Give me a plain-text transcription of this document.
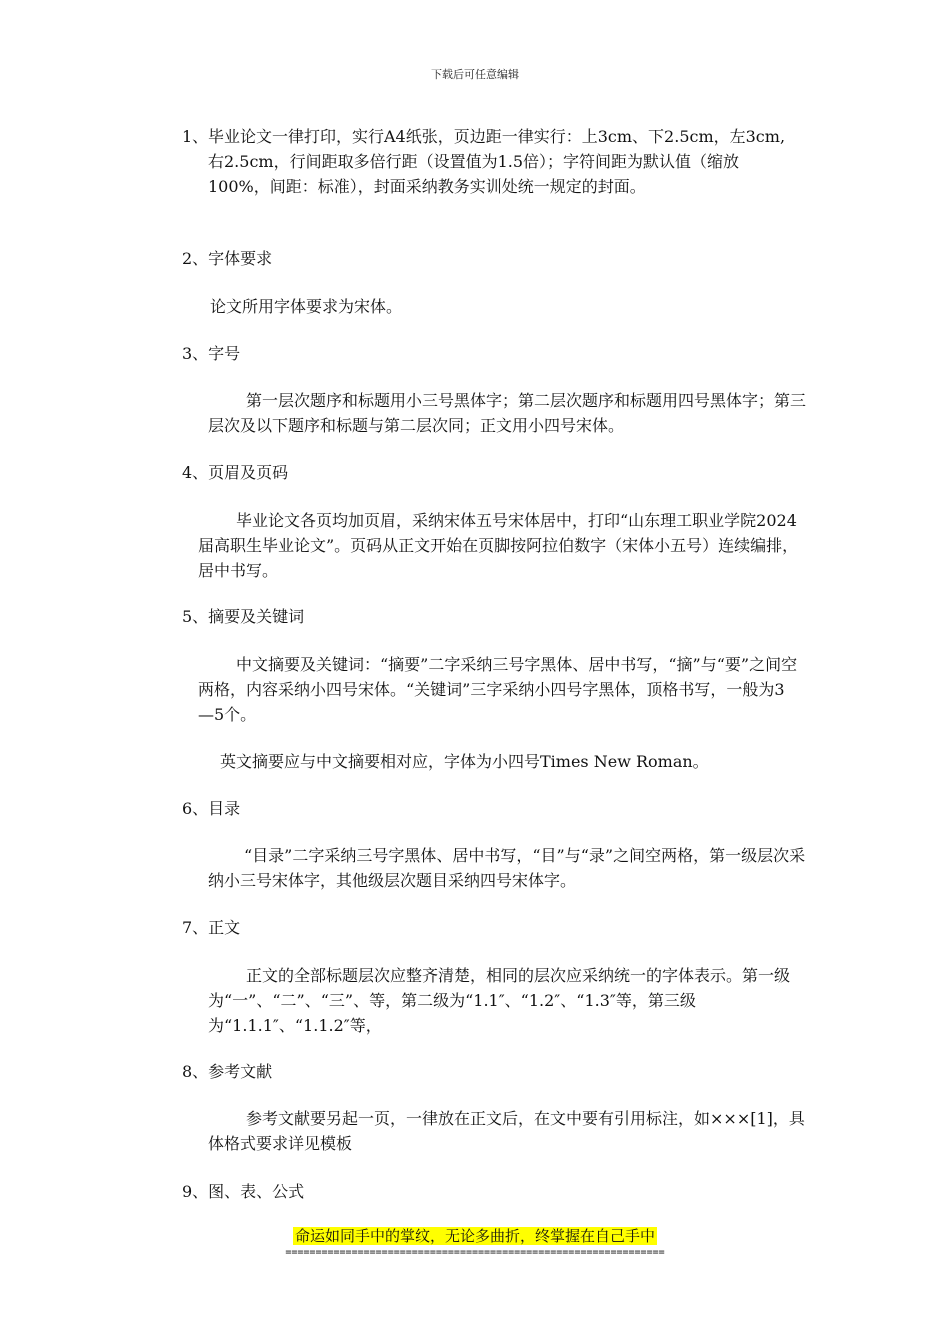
下载后可任意编辑
1、 毕业论文一律打印，实行A4纸张，页边距一律实行：上3cm、下2.5cm，左3cm,右2.5cm，行间距取多倍行距（设置值为1.5倍）；字符间距为默认值（缩放100%，间距：标准），封面采纳教务实训处统一规定的封面。
2、字体要求
论文所用字体要求为宋体。
3、字号
第一层次题序和标题用小三号黑体字；第二层次题序和标题用四号黑体字；第三层次及以下题序和标题与第二层次同；正文用小四号宋体。
4、页眉及页码
毕业论文各页均加页眉，采纳宋体五号宋体居中，打印“山东理工职业学院2024届高职生毕业论文”。页码从正文开始在页脚按阿拉伯数字（宋体小五号）连续编排，居中书写。
5、摘要及关键词
中文摘要及关键词：“摘要”二字采纳三号字黑体、居中书写，“摘”与“要”之间空两格，内容采纳小四号宋体。“关键词”三字采纳小四号字黑体，顶格书写，一般为3—5个。
英文摘要应与中文摘要相对应，字体为小四号Times New Roman。
6、目录
“目录”二字采纳三号字黑体、居中书写，“目”与“录”之间空两格，第一级层次采纳小三号宋体字，其他级层次题目采纳四号宋体字。
7、正文
正文的全部标题层次应整齐清楚，相同的层次应采纳统一的字体表示。第一级为“一”、“二”、“三”、等，第二级为“1.1″、“1.2″、“1.3″等，第三级为“1.1.1″、“1.1.2″等，
8、参考文献
参考文献要另起一页，一律放在正文后，在文中要有引用标注，如×××[1]，具体格式要求详见模板
9、图、表、公式
命运如同手中的掌纹，无论多曲折，终掌握在自己手中
===============================================================
